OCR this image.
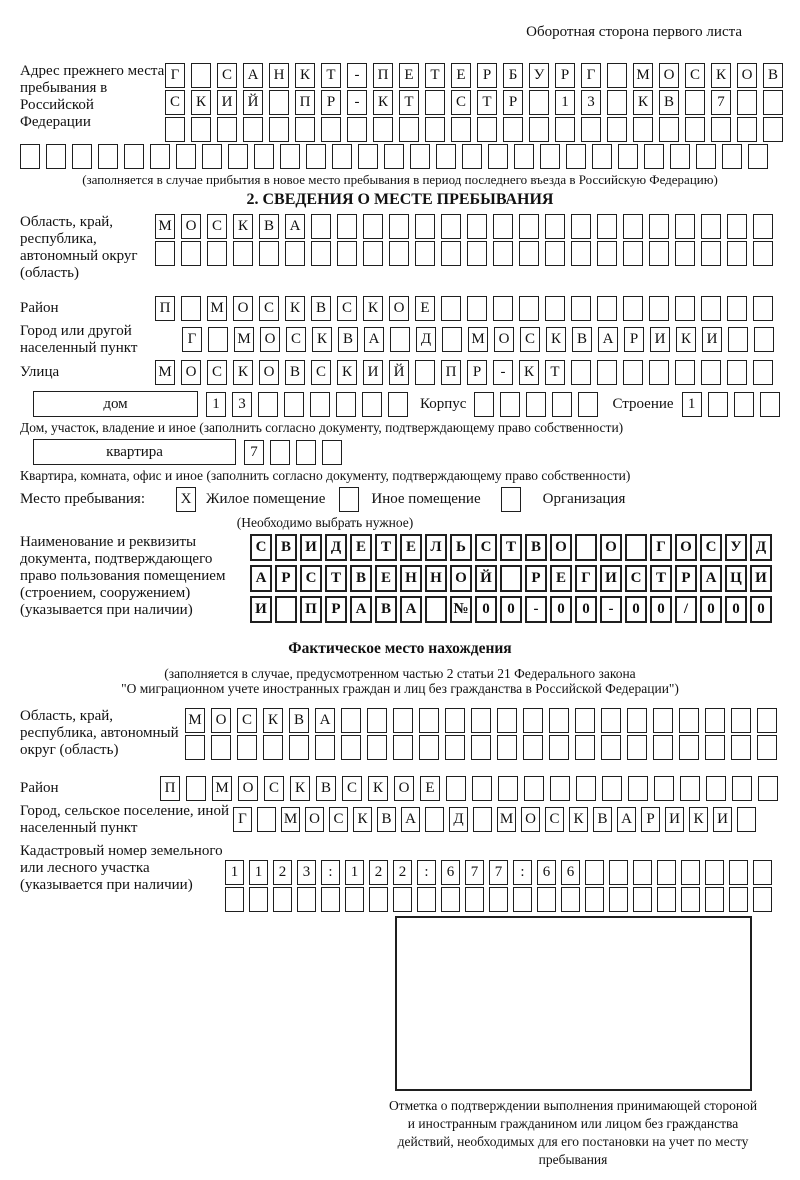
Оборотная сторона первого листа
Адрес прежнего места пребывания в Российской Федерации
Г	С	А	Н	К	Т	-	П	Е	Т	Е	Р	Б	У	Р	Г	М О	С	К	О	В
С	К	И	Й	П	Р	-	К	Т	С	Т	Р	1	3	К	В	7
(заполняется в случае прибытия в новое место пребывания в период последнего въезда в Российскую Федерацию)
2. СВЕДЕНИЯ О МЕСТЕ ПРЕБЫВАНИЯ
Область, край, республика, автономный округ (область)
М О	С	К	В	А
Район	П	М О	С	К	В	С	К	О	Е
Город или другой населенный пункт
Г	М О	С	К	В	А	Д	М О	С	К	В	А	Р	И	К	И
Улица	М О	С	К	О	В	С	К	И	Й	П	Р	-	К	Т
дом	1	3	Корпус	Строение 1
Дом, участок, владение и иное (заполнить согласно документу, подтверждающему право собственности)
квартира	7
Квартира, комната, офис и иное (заполнить согласно документу, подтверждающему право собственности)
Место пребывания:	X Жилое помещение	Иное помещение	Организация
(Необходимо выбрать нужное)
Наименование и реквизиты документа, подтверждающего право пользования помещением (строением, сооружением) (указывается при наличии)
С В И Д Е Т Е Л Ь С Т В О	О	Г О С У Д
А Р	С Т В Е Н Н О Й	Р	Е	Г И С Т	Р	А Ц И
И	П Р	А В А	№ 0	0	-	0	0	-	0	0	/	0	0	0
Фактическое место нахождения
(заполняется в случае, предусмотренном частью 2 статьи 21 Федерального закона
"О миграционном учете иностранных граждан и лиц без гражданства в Российской Федерации")
Область, край, республика, автономный округ (область)
М О	С	К	В	А
Район	П	М О	С	К	В	С	К	О	Е
Город, сельское поселение, иной населенный пункт
Г	М О С К В А Д М О С К В А Р И К И
Кадастровый номер земельного или лесного участка (указывается при наличии)
1	1	2	3	:	1	2	2	:	6	7	7	:	6	6
Отметка о подтверждении выполнения принимающей стороной и иностранным гражданином или лицом без гражданства действий, необходимых для его постановки на учет по месту пребывания
